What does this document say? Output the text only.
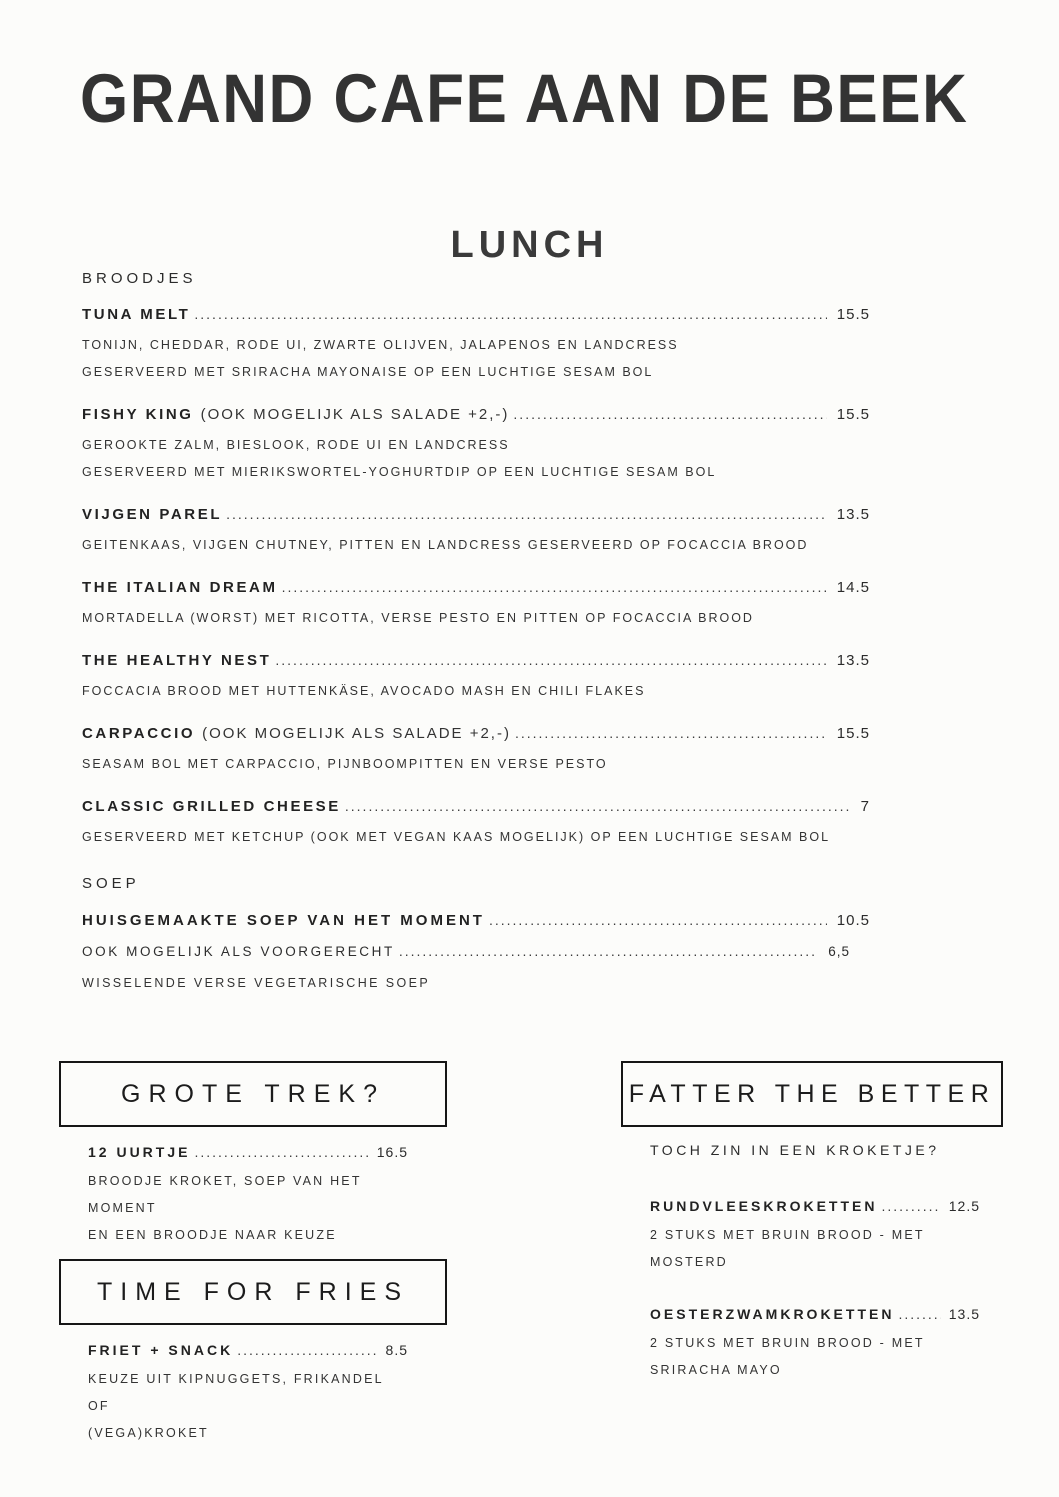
GRAND CAFE AAN DE BEEK
LUNCH
BROODJES
TUNA MELT .....	15.5
TONIJN, CHEDDAR, RODE UI, ZWARTE OLIJVEN, JALAPENOS EN LANDCRESS
GESERVEERD MET SRIRACHA MAYONAISE OP EEN LUCHTIGE SESAM BOL
FISHY KING (OOK MOGELIJK ALS SALADE +2,-) .....	15.5
GEROOKTE ZALM, BIESLOOK, RODE UI EN LANDCRESS
GESERVEERD MET MIERIKSWORTEL-YOGHURTDIP OP EEN LUCHTIGE SESAM BOL
VIJGEN PAREL .....	13.5
GEITENKAAS, VIJGEN CHUTNEY, PITTEN EN LANDCRESS GESERVEERD OP FOCACCIA BROOD
THE ITALIAN DREAM .....	14.5
MORTADELLA (WORST) MET RICOTTA, VERSE PESTO EN PITTEN OP FOCACCIA BROOD
THE HEALTHY NEST .....	13.5
FOCCACIA BROOD MET HUTTENKÄSE, AVOCADO MASH EN CHILI FLAKES
CARPACCIO (OOK MOGELIJK ALS SALADE +2,-) .....	15.5
SEASAM BOL MET CARPACCIO, PIJNBOOMPITTEN EN VERSE PESTO
CLASSIC GRILLED CHEESE .....	7
GESERVEERD MET KETCHUP (OOK MET VEGAN KAAS MOGELIJK) OP EEN LUCHTIGE SESAM BOL
SOEP
HUISGEMAAKTE SOEP VAN HET MOMENT .....	10.5
OOK MOGELIJK ALS VOORGERECHT .....	6,5
WISSELENDE VERSE VEGETARISCHE SOEP
GROTE TREK?
12 UURTJE .....	16.5
BROODJE KROKET, SOEP VAN HET MOMENT
EN EEN BROODJE NAAR KEUZE
TIME FOR FRIES
FRIET + SNACK .....	8.5
KEUZE UIT KIPNUGGETS, FRIKANDEL OF
(VEGA)KROKET
FATTER THE BETTER
TOCH ZIN IN EEN KROKETJE?
RUNDVLEESKROKETTEN .....	12.5
2 STUKS MET BRUIN BROOD - MET
MOSTERD
OESTERZWAMKROKETTEN .....	13.5
2 STUKS MET BRUIN BROOD - MET
SRIRACHA MAYO
